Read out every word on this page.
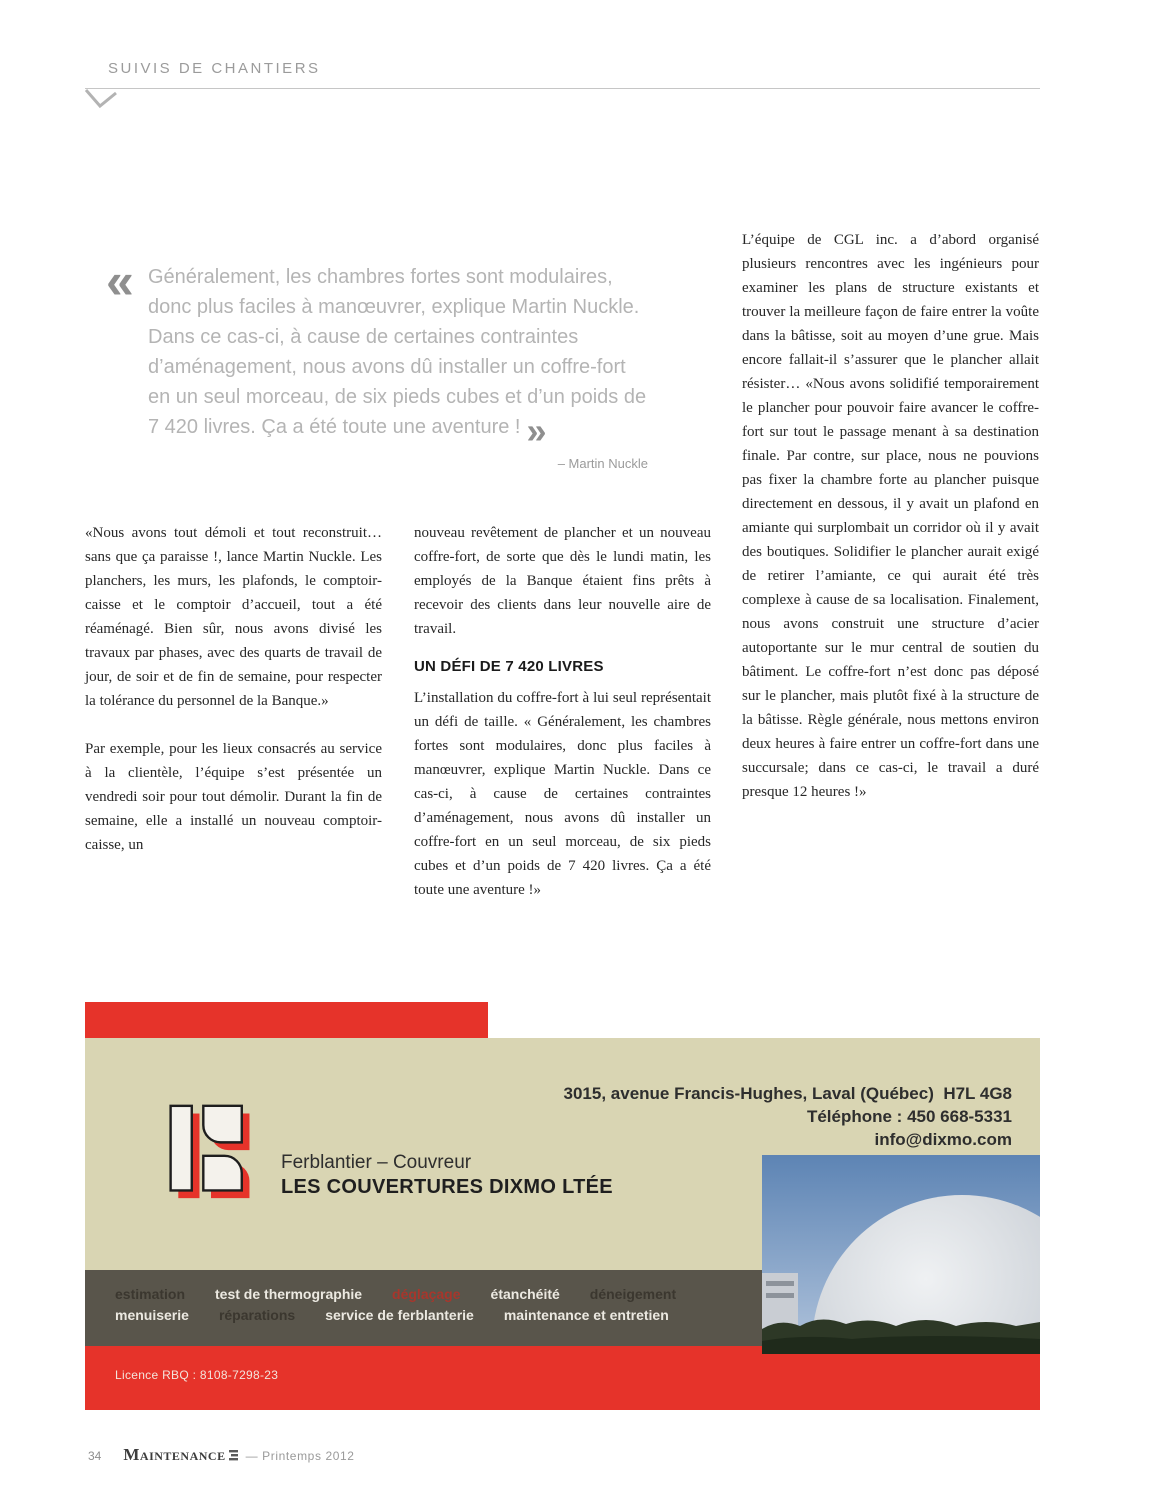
SUIVIS DE CHANTIERS
« Généralement, les chambres fortes sont modulaires, donc plus faciles à manœuvrer, explique Martin Nuckle. Dans ce cas-ci, à cause de certaines contraintes d’aménagement, nous avons dû installer un coffre-fort en un seul morceau, de six pieds cubes et d’un poids de 7 420 livres. Ça a été toute une aventure ! »

– Martin Nuckle

«Nous avons tout démoli et tout reconstruit… sans que ça paraisse !, lance Martin Nuckle. Les planchers, les murs, les plafonds, le comptoir-caisse et le comptoir d’accueil, tout a été réaménagé. Bien sûr, nous avons divisé les travaux par phases, avec des quarts de travail de jour, de soir et de fin de semaine, pour respecter la tolérance du personnel de la Banque.»

Par exemple, pour les lieux consacrés au service à la clientèle, l’équipe s’est présentée un vendredi soir pour tout démolir. Durant la fin de semaine, elle a installé un nouveau comptoir-caisse, un

nouveau revêtement de plancher et un nouveau coffre-fort, de sorte que dès le lundi matin, les employés de la Banque étaient fins prêts à recevoir des clients dans leur nouvelle aire de travail.

UN DÉFI DE 7 420 LIVRES

L’installation du coffre-fort à lui seul représentait un défi de taille. « Généralement, les chambres fortes sont modulaires, donc plus faciles à manœuvrer, explique Martin Nuckle. Dans ce cas-ci, à cause de certaines contraintes d’aménagement, nous avons dû installer un coffre-fort en un seul morceau, de six pieds cubes et d’un poids de 7 420 livres. Ça a été toute une aventure !»

L’équipe de CGL inc. a d’abord organisé plusieurs rencontres avec les ingénieurs pour examiner les plans de structure existants et trouver la meilleure façon de faire entrer la voûte dans la bâtisse, soit au moyen d’une grue. Mais encore fallait-il s’assurer que le plancher allait résister… «Nous avons solidifié temporairement le plancher pour pouvoir faire avancer le coffre-fort sur tout le passage menant à sa destination finale. Par contre, sur place, nous ne pouvions pas fixer la chambre forte au plancher puisque directement en dessous, il y avait un plafond en amiante qui surplombait un corridor où il y avait des boutiques. Solidifier le plancher aurait exigé de retirer l’amiante, ce qui aurait été très complexe à cause de sa localisation. Finalement, nous avons construit une structure d’acier autoportante sur le mur central de soutien du bâtiment. Le coffre-fort n’est donc pas déposé sur le plancher, mais plutôt fixé à la structure de la bâtisse. Règle générale, nous mettons environ deux heures à faire entrer un coffre-fort dans une succursale; dans ce cas-ci, le travail a duré presque 12 heures !»

3015, avenue Francis-Hughes, Laval (Québec)  H7L 4G8
Téléphone : 450 668-5331
info@dixmo.com
Ferblantier – Couvreur
LES COUVERTURES DIXMO LTÉE
estimation test de thermographie déglaçage étanchéité déneigement
menuiserie réparations service de ferblanterie maintenance et entretien
Licence RBQ : 8108-7298-23
34 Maintenance — Printemps 2012
